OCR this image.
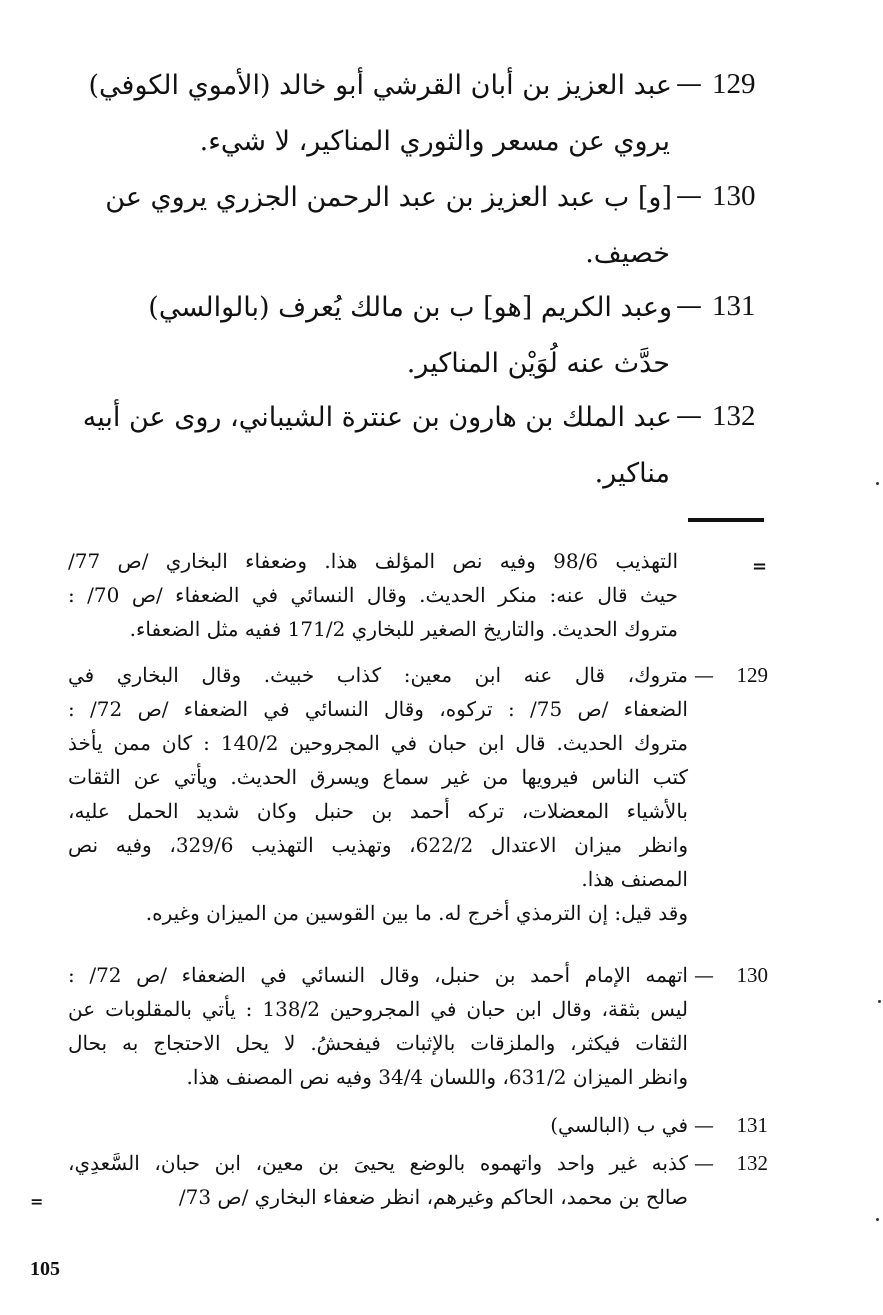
129
—
عبد العزيز بن أبان القرشي أبو خالد (الأموي الكوفي)
يروي عن مسعر والثوري المناكير، لا شيء.
130
—
[و] ب عبد العزيز بن عبد الرحمن الجزري يروي عن
خصيف.
131
—
وعبد الكريم [هو] ب بن مالك يُعرف (بالوالسي)
حدَّث عنه لُوَيْن المناكير.
132
—
عبد الملك بن هارون بن عنترة الشيباني، روى عن أبيه
مناكير.
=
التهذيب 98/6 وفيه نص المؤلف هذا. وضعفاء البخاري /ص 77/
حيث قال عنه: منكر الحديث. وقال النسائي في الضعفاء /ص 70/ :
متروك الحديث. والتاريخ الصغير للبخاري 171/2 ففيه مثل الضعفاء.
129
—
متروك، قال عنه ابن معين: كذاب خبيث. وقال البخاري في
الضعفاء /ص 75/ : تركوه، وقال النسائي في الضعفاء /ص 72/ :
متروك الحديث. قال ابن حبان في المجروحين 140/2 : كان ممن يأخذ
كتب الناس فيرويها من غير سماع ويسرق الحديث. ويأتي عن الثقات
بالأشياء المعضلات، تركه أحمد بن حنبل وكان شديد الحمل عليه،
وانظر ميزان الاعتدال 622/2، وتهذيب التهذيب 329/6، وفيه نص
المصنف هذا.
وقد قيل: إن الترمذي أخرج له. ما بين القوسين من الميزان وغيره.
130
—
اتهمه الإمام أحمد بن حنبل، وقال النسائي في الضعفاء /ص 72/ :
ليس بثقة، وقال ابن حبان في المجروحين 138/2 : يأتي بالمقلوبات عن
الثقات فيكثر، والملزقات بالإثبات فيفحشُ. لا يحل الاحتجاج به بحال
وانظر الميزان 631/2، واللسان 34/4 وفيه نص المصنف هذا.
131
—
في ب (البالسي)
132
—
كذبه غير واحد واتهموه بالوضع يحيىَ بن معين، ابن حبان، السَّعدِي،
صالح بن محمد، الحاكم وغيرهم، انظر ضعفاء البخاري /ص 73/
=
105
